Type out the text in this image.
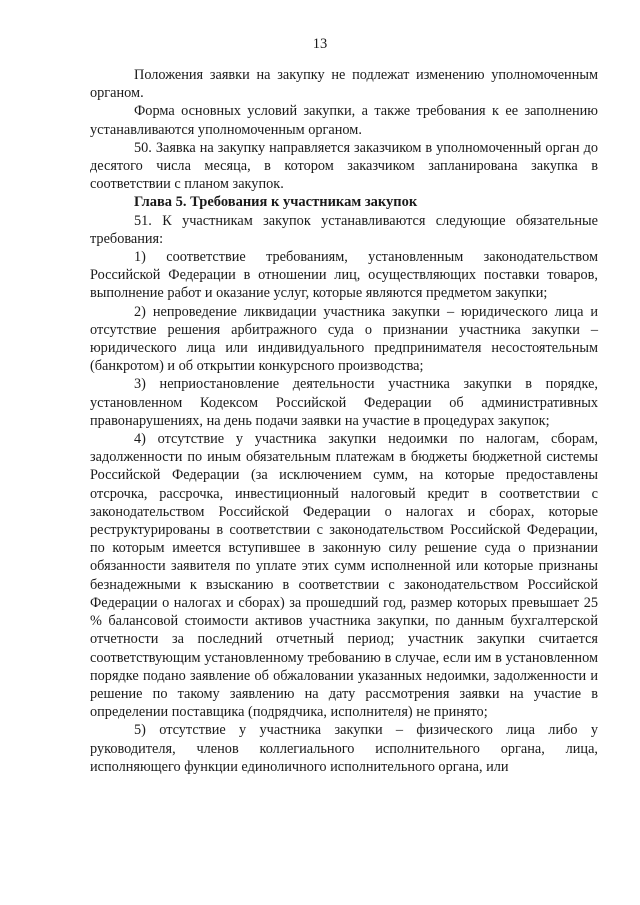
13

Положения заявки на закупку не подлежат изменению уполномоченным органом.

Форма основных условий закупки, а также требования к ее заполнению устанавливаются уполномоченным органом.

50. Заявка на закупку направляется заказчиком в уполномоченный орган до десятого числа месяца, в котором заказчиком запланирована закупка в соответствии с планом закупок.

Глава 5. Требования к участникам закупок

51. К участникам закупок устанавливаются следующие обязательные требования:

1) соответствие требованиям, установленным законодательством Российской Федерации в отношении лиц, осуществляющих поставки товаров, выполнение работ и оказание услуг, которые являются предметом закупки;

2) непроведение ликвидации участника закупки – юридического лица и отсутствие решения арбитражного суда о признании участника закупки – юридического лица или индивидуального предпринимателя несостоятельным (банкротом) и об открытии конкурсного производства;

3) неприостановление деятельности участника закупки в порядке, установленном Кодексом Российской Федерации об административных правонарушениях, на день подачи заявки на участие в процедурах закупок;

4) отсутствие у участника закупки недоимки по налогам, сборам, задолженности по иным обязательным платежам в бюджеты бюджетной системы Российской Федерации (за исключением сумм, на которые предоставлены отсрочка, рассрочка, инвестиционный налоговый кредит в соответствии с законодательством Российской Федерации о налогах и сборах, которые реструктурированы в соответствии с законодательством Российской Федерации, по которым имеется вступившее в законную силу решение суда о признании обязанности заявителя по уплате этих сумм исполненной или которые признаны безнадежными к взысканию в соответствии с законодательством Российской Федерации о налогах и сборах) за прошедший год, размер которых превышает 25 % балансовой стоимости активов участника закупки, по данным бухгалтерской отчетности за последний отчетный период; участник закупки считается соответствующим установленному требованию в случае, если им в установленном порядке подано заявление об обжаловании указанных недоимки, задолженности и решение по такому заявлению на дату рассмотрения заявки на участие в определении поставщика (подрядчика, исполнителя) не принято;

5) отсутствие у участника закупки – физического лица либо у руководителя, членов коллегиального исполнительного органа, лица, исполняющего функции единоличного исполнительного органа, или
